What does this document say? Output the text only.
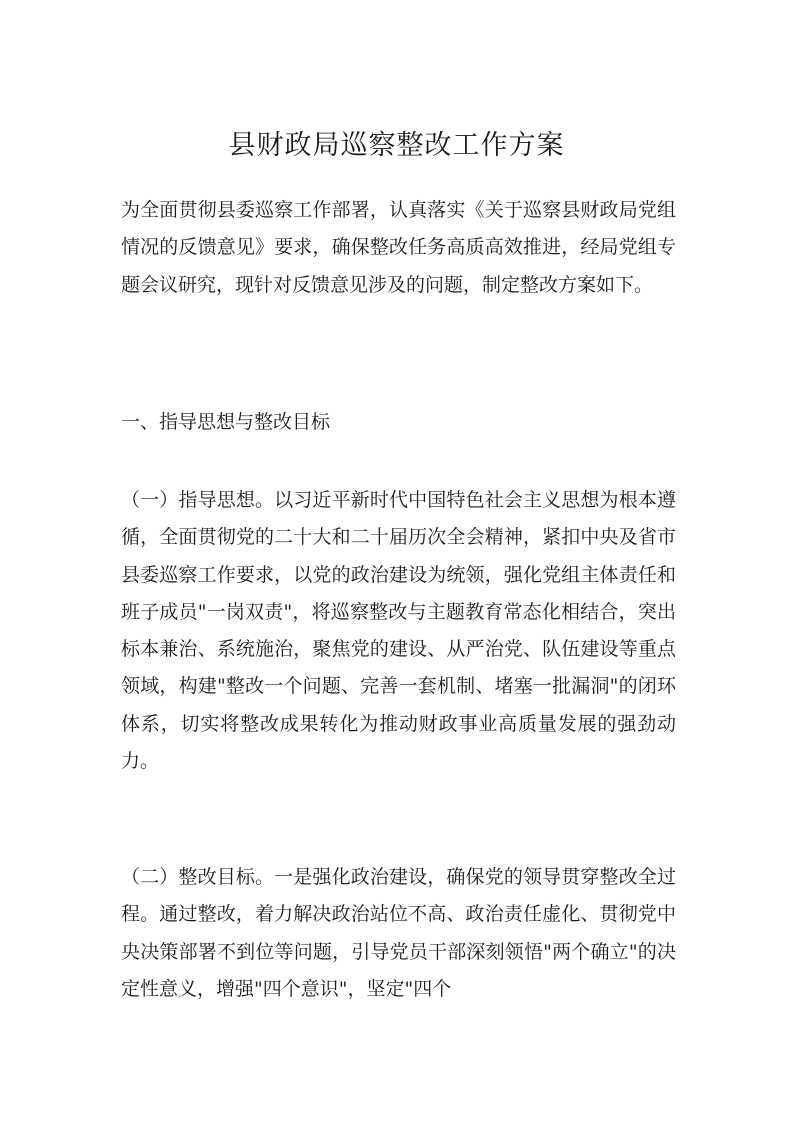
县财政局巡察整改工作方案

为全面贯彻县委巡察工作部署，认真落实《关于巡察县财政局党组情况的反馈意见》要求，确保整改任务高质高效推进，经局党组专题会议研究，现针对反馈意见涉及的问题，制定整改方案如下。

一、指导思想与整改目标

（一）指导思想。以习近平新时代中国特色社会主义思想为根本遵循，全面贯彻党的二十大和二十届历次全会精神，紧扣中央及省市县委巡察工作要求，以党的政治建设为统领，强化党组主体责任和班子成员"一岗双责"，将巡察整改与主题教育常态化相结合，突出标本兼治、系统施治，聚焦党的建设、从严治党、队伍建设等重点领域，构建"整改一个问题、完善一套机制、堵塞一批漏洞"的闭环体系，切实将整改成果转化为推动财政事业高质量发展的强劲动力。

（二）整改目标。一是强化政治建设，确保党的领导贯穿整改全过程。通过整改，着力解决政治站位不高、政治责任虚化、贯彻党中央决策部署不到位等问题，引导党员干部深刻领悟"两个确立"的决定性意义，增强"四个意识"，坚定"四个
